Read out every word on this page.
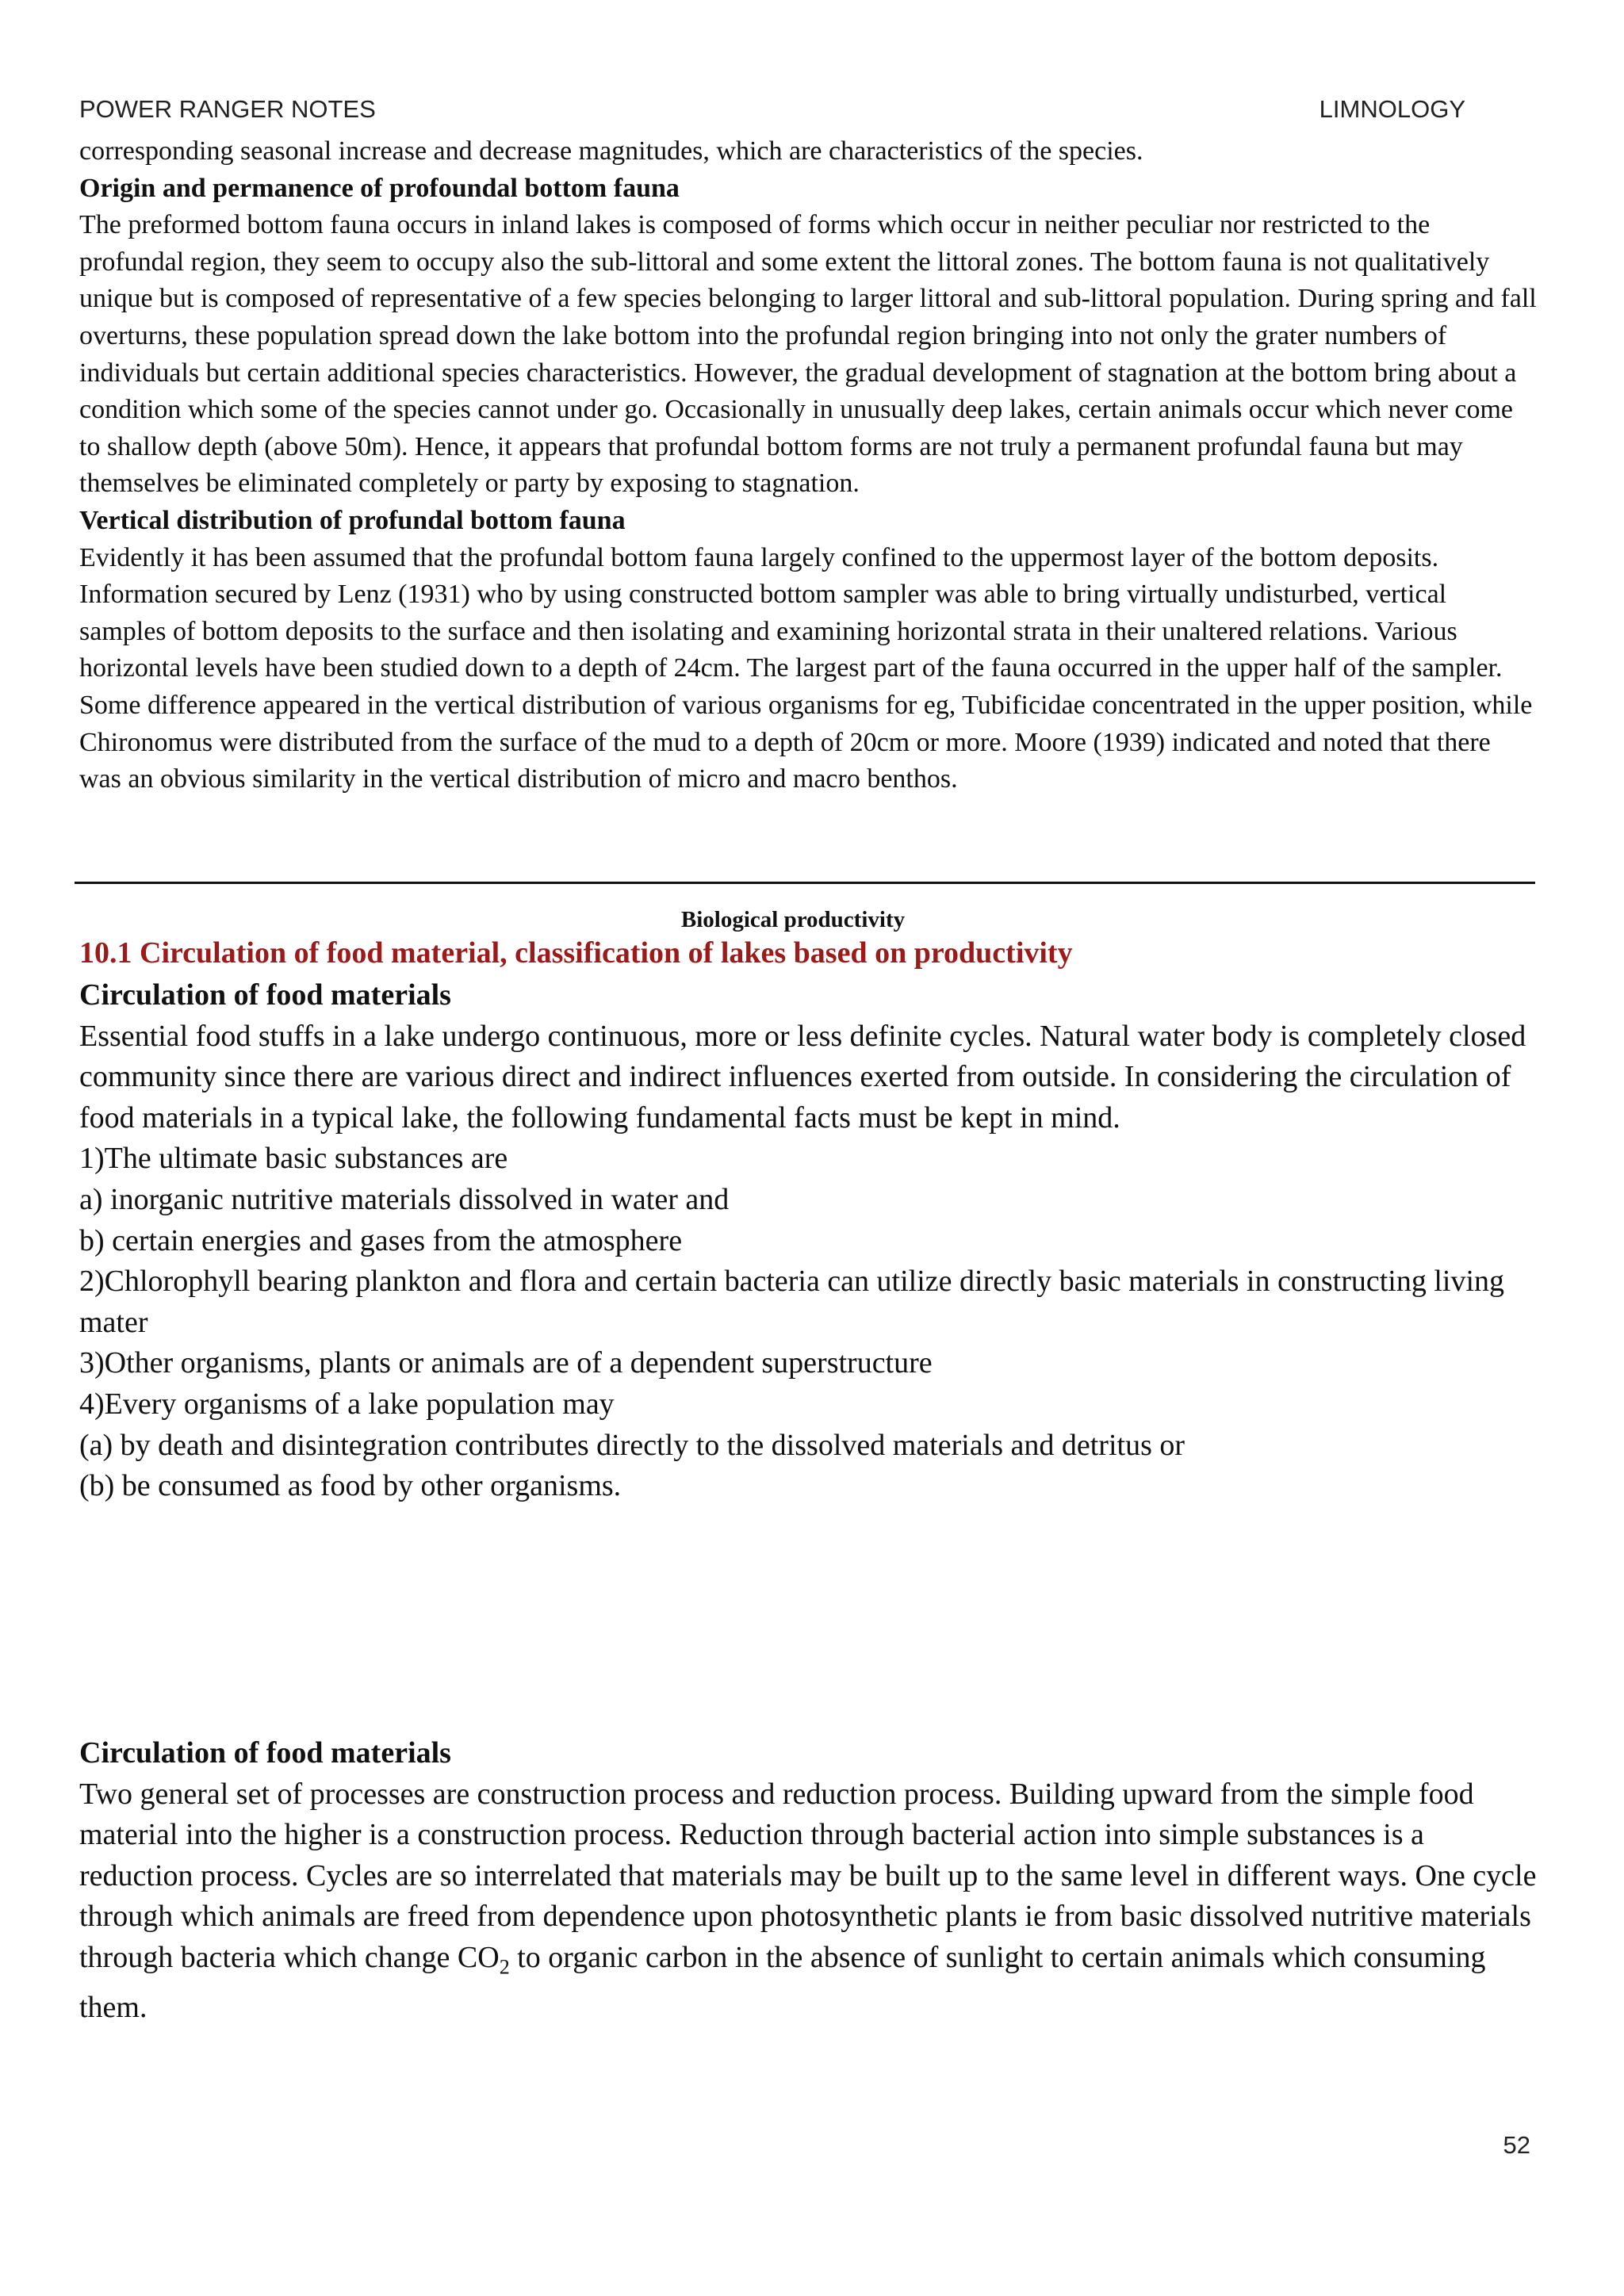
POWER RANGER NOTES	LIMNOLOGY

corresponding seasonal increase and decrease magnitudes, which are characteristics of the species.

Origin and permanence of profoundal bottom fauna

The preformed bottom fauna occurs in inland lakes is composed of forms which occur in neither peculiar nor restricted to the profundal region, they seem to occupy also the sub-littoral and some extent the littoral zones. The bottom fauna is not qualitatively unique but is composed of representative of a few species belonging to larger littoral and sub-littoral population. During spring and fall overturns, these population spread down the lake bottom into the profundal region bringing into not only the grater numbers of individuals but certain additional species characteristics. However, the gradual development of stagnation at the bottom bring about a condition which some of the species cannot under go. Occasionally in unusually deep lakes, certain animals occur which never come to shallow depth (above 50m). Hence, it appears that profundal bottom forms are not truly a permanent profundal fauna but may themselves be eliminated completely or party by exposing to stagnation.

Vertical distribution of profundal bottom fauna

Evidently it has been assumed that the profundal bottom fauna largely confined to the uppermost layer of the bottom deposits. Information secured by Lenz (1931) who by using constructed bottom sampler was able to bring virtually undisturbed, vertical samples of bottom deposits to the surface and then isolating and examining horizontal strata in their unaltered relations. Various horizontal levels have been studied down to a depth of 24cm. The largest part of the fauna occurred in the upper half of the sampler. Some difference appeared in the vertical distribution of various organisms for eg, Tubificidae concentrated in the upper position, while Chironomus were distributed from the surface of the mud to a depth of 20cm or more. Moore (1939) indicated and noted that there was an obvious similarity in the vertical distribution of micro and macro benthos.

Biological productivity
10.1 Circulation of food material, classification of lakes based on productivity
Circulation of food materials

Essential food stuffs in a lake undergo continuous, more or less definite cycles. Natural water body is completely closed community since there are various direct and indirect influences exerted from outside. In considering the circulation of food materials in a typical lake, the following fundamental facts must be kept in mind.

1)The ultimate basic substances are
a) inorganic nutritive materials dissolved in water and
b) certain energies and gases from the atmosphere
2)Chlorophyll bearing plankton and flora and certain bacteria can utilize directly basic materials in constructing living mater
3)Other organisms, plants or animals are of a dependent superstructure
4)Every organisms of a lake population may
(a) by death and disintegration contributes directly to the dissolved materials and detritus or
(b) be consumed as food by other organisms.
Circulation of food materials

Two general set of processes are construction process and reduction process. Building upward from the simple food material into the higher is a construction process. Reduction through bacterial action into simple substances is a reduction process. Cycles are so interrelated that materials may be built up to the same level in different ways. One cycle through which animals are freed from dependence upon photosynthetic plants ie from basic dissolved nutritive materials through bacteria which change $CO_2$ to organic carbon in the absence of sunlight to certain animals which consuming them.

52
